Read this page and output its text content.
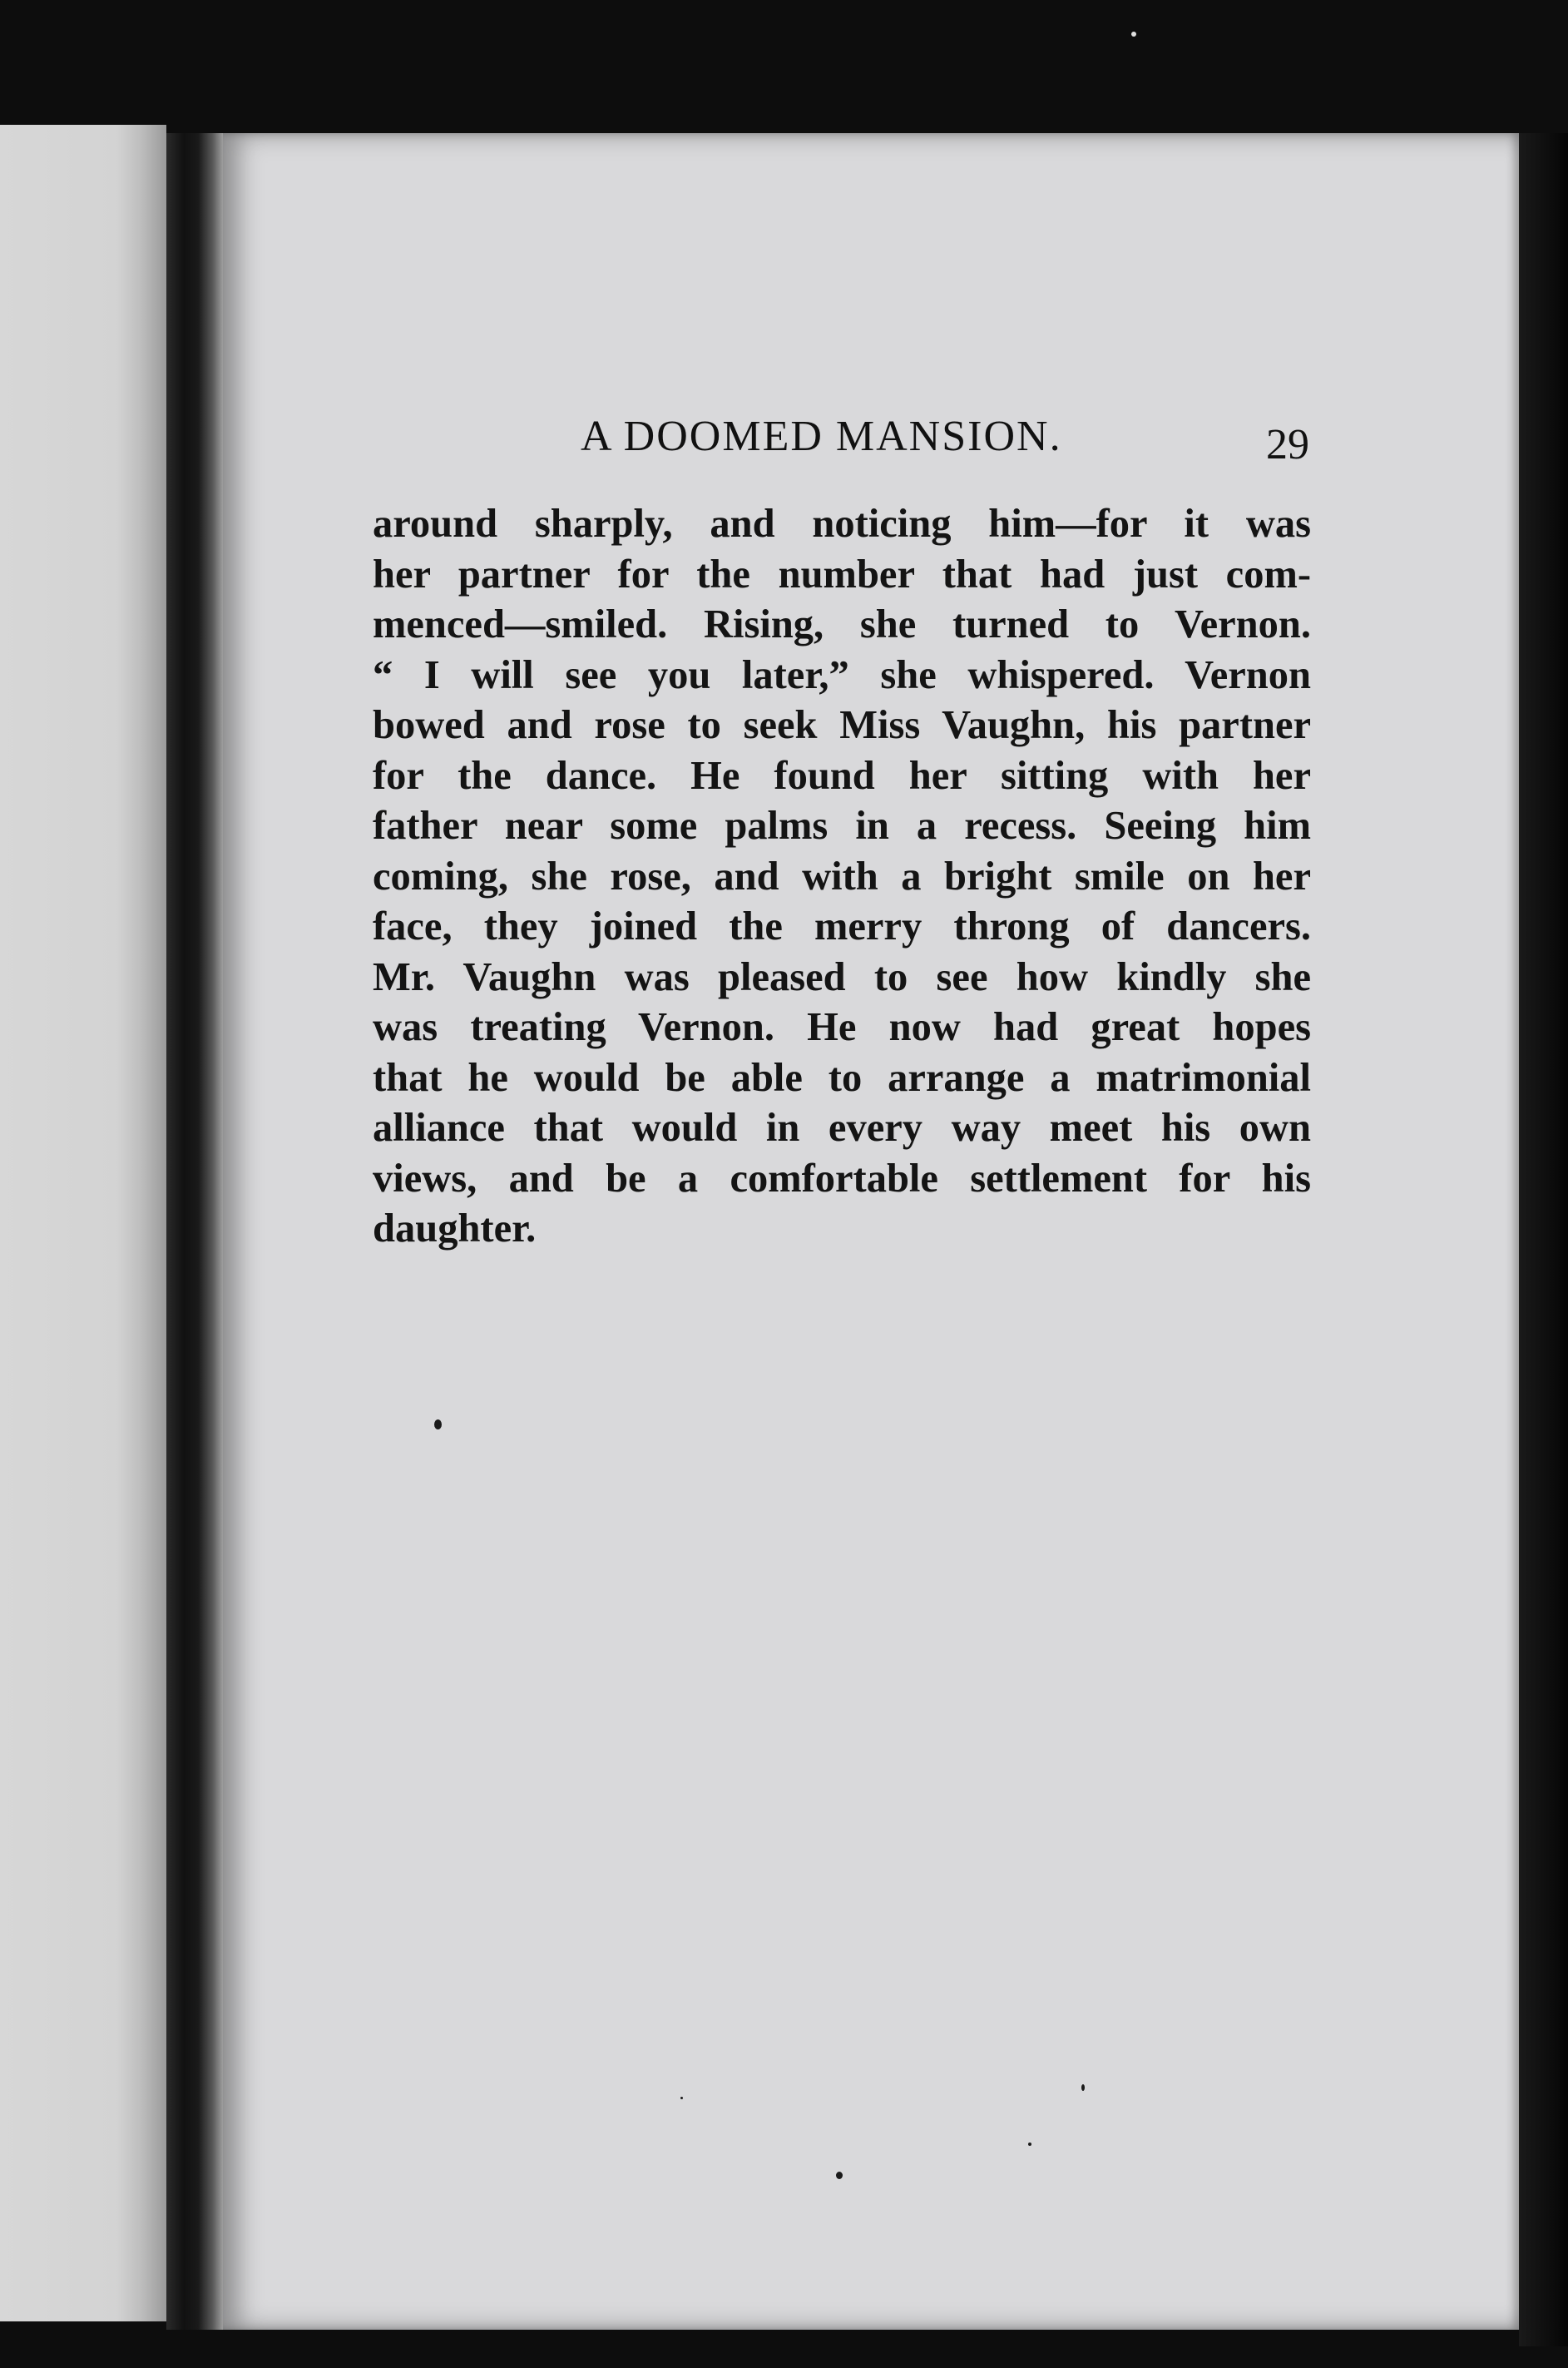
A DOOMED MANSION.	29
around sharply, and noticing him—for it was
her partner for the number that had just com-
menced—smiled. Rising, she turned to Vernon.
“ I will see you later,” she whispered. Vernon
bowed and rose to seek Miss Vaughn, his partner
for the dance. He found her sitting with her
father near some palms in a recess. Seeing him
coming, she rose, and with a bright smile on her
face, they joined the merry throng of dancers.
Mr. Vaughn was pleased to see how kindly she
was treating Vernon. He now had great hopes
that he would be able to arrange a matrimonial
alliance that would in every way meet his own
views, and be a comfortable settlement for his
daughter.
